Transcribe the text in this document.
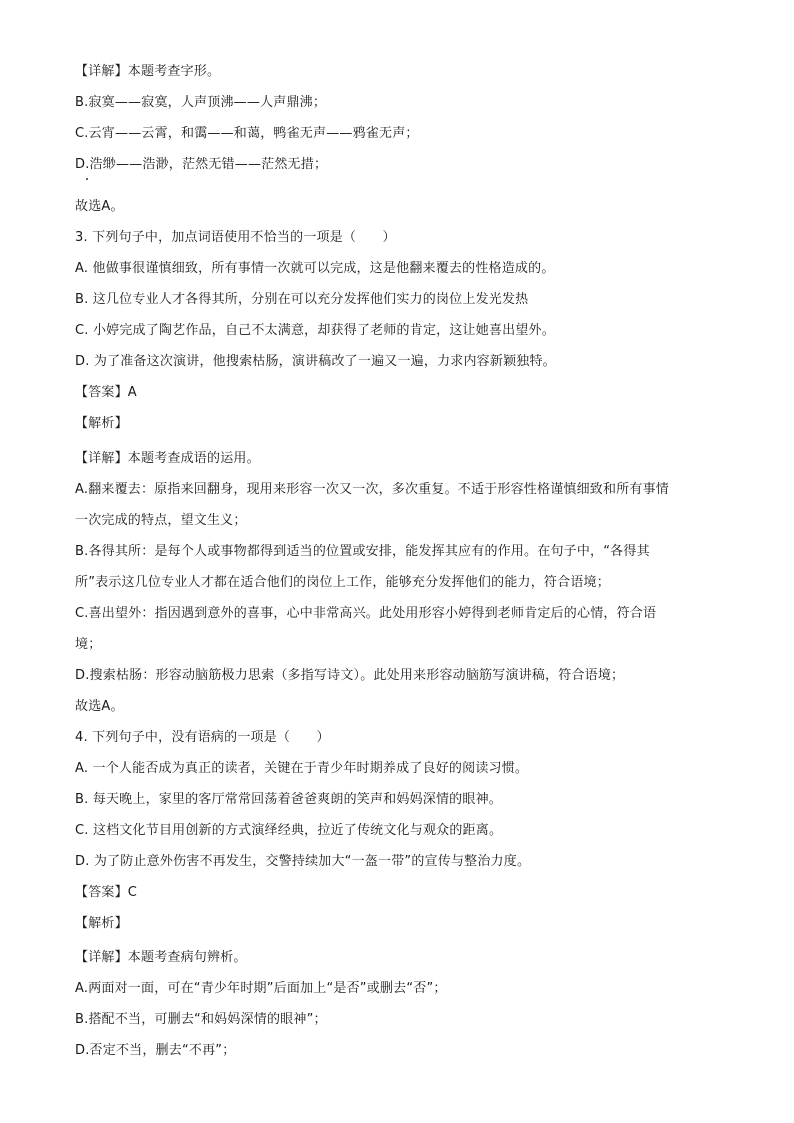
【详解】本题考查字形。
B.寂寞——寂寞，人声顶沸——人声鼎沸；
C.云宵——云霄，和霭——和蔼，鸭雀无声——鸦雀无声；
D.浩缈——浩渺，茫然无错——茫然无措；
故选A。
3. 下列句子中，加点词语使用不恰当的一项是（　　）
A. 他做事很谨慎细致，所有事情一次就可以完成，这是他翻来覆去的性格造成的。
B. 这几位专业人才各得其所，分别在可以充分发挥他们实力的岗位上发光发热
C. 小婷完成了陶艺作品，自己不太满意，却获得了老师的肯定，这让她喜出望外。
D. 为了准备这次演讲，他搜索枯肠，演讲稿改了一遍又一遍，力求内容新颖独特。
【答案】A
【解析】
【详解】本题考查成语的运用。
A.翻来覆去：原指来回翻身，现用来形容一次又一次，多次重复。不适于形容性格谨慎细致和所有事情
一次完成的特点，望文生义；
B.各得其所：是每个人或事物都得到适当的位置或安排，能发挥其应有的作用。在句子中，“各得其
所”表示这几位专业人才都在适合他们的岗位上工作，能够充分发挥他们的能力，符合语境；
C.喜出望外：指因遇到意外的喜事，心中非常高兴。此处用形容小婷得到老师肯定后的心情，符合语
境；
D.搜索枯肠：形容动脑筋极力思索（多指写诗文）。此处用来形容动脑筋写演讲稿，符合语境；
故选A。
4. 下列句子中，没有语病的一项是（　　）
A. 一个人能否成为真正的读者，关键在于青少年时期养成了良好的阅读习惯。
B. 每天晚上，家里的客厅常常回荡着爸爸爽朗的笑声和妈妈深情的眼神。
C. 这档文化节目用创新的方式演绎经典，拉近了传统文化与观众的距离。
D. 为了防止意外伤害不再发生，交警持续加大“一盔一带”的宣传与整治力度。
【答案】C
【解析】
【详解】本题考查病句辨析。
A.两面对一面，可在“青少年时期”后面加上“是否”或删去“否”；
B.搭配不当，可删去“和妈妈深情的眼神”；
D.否定不当，删去“不再”；
